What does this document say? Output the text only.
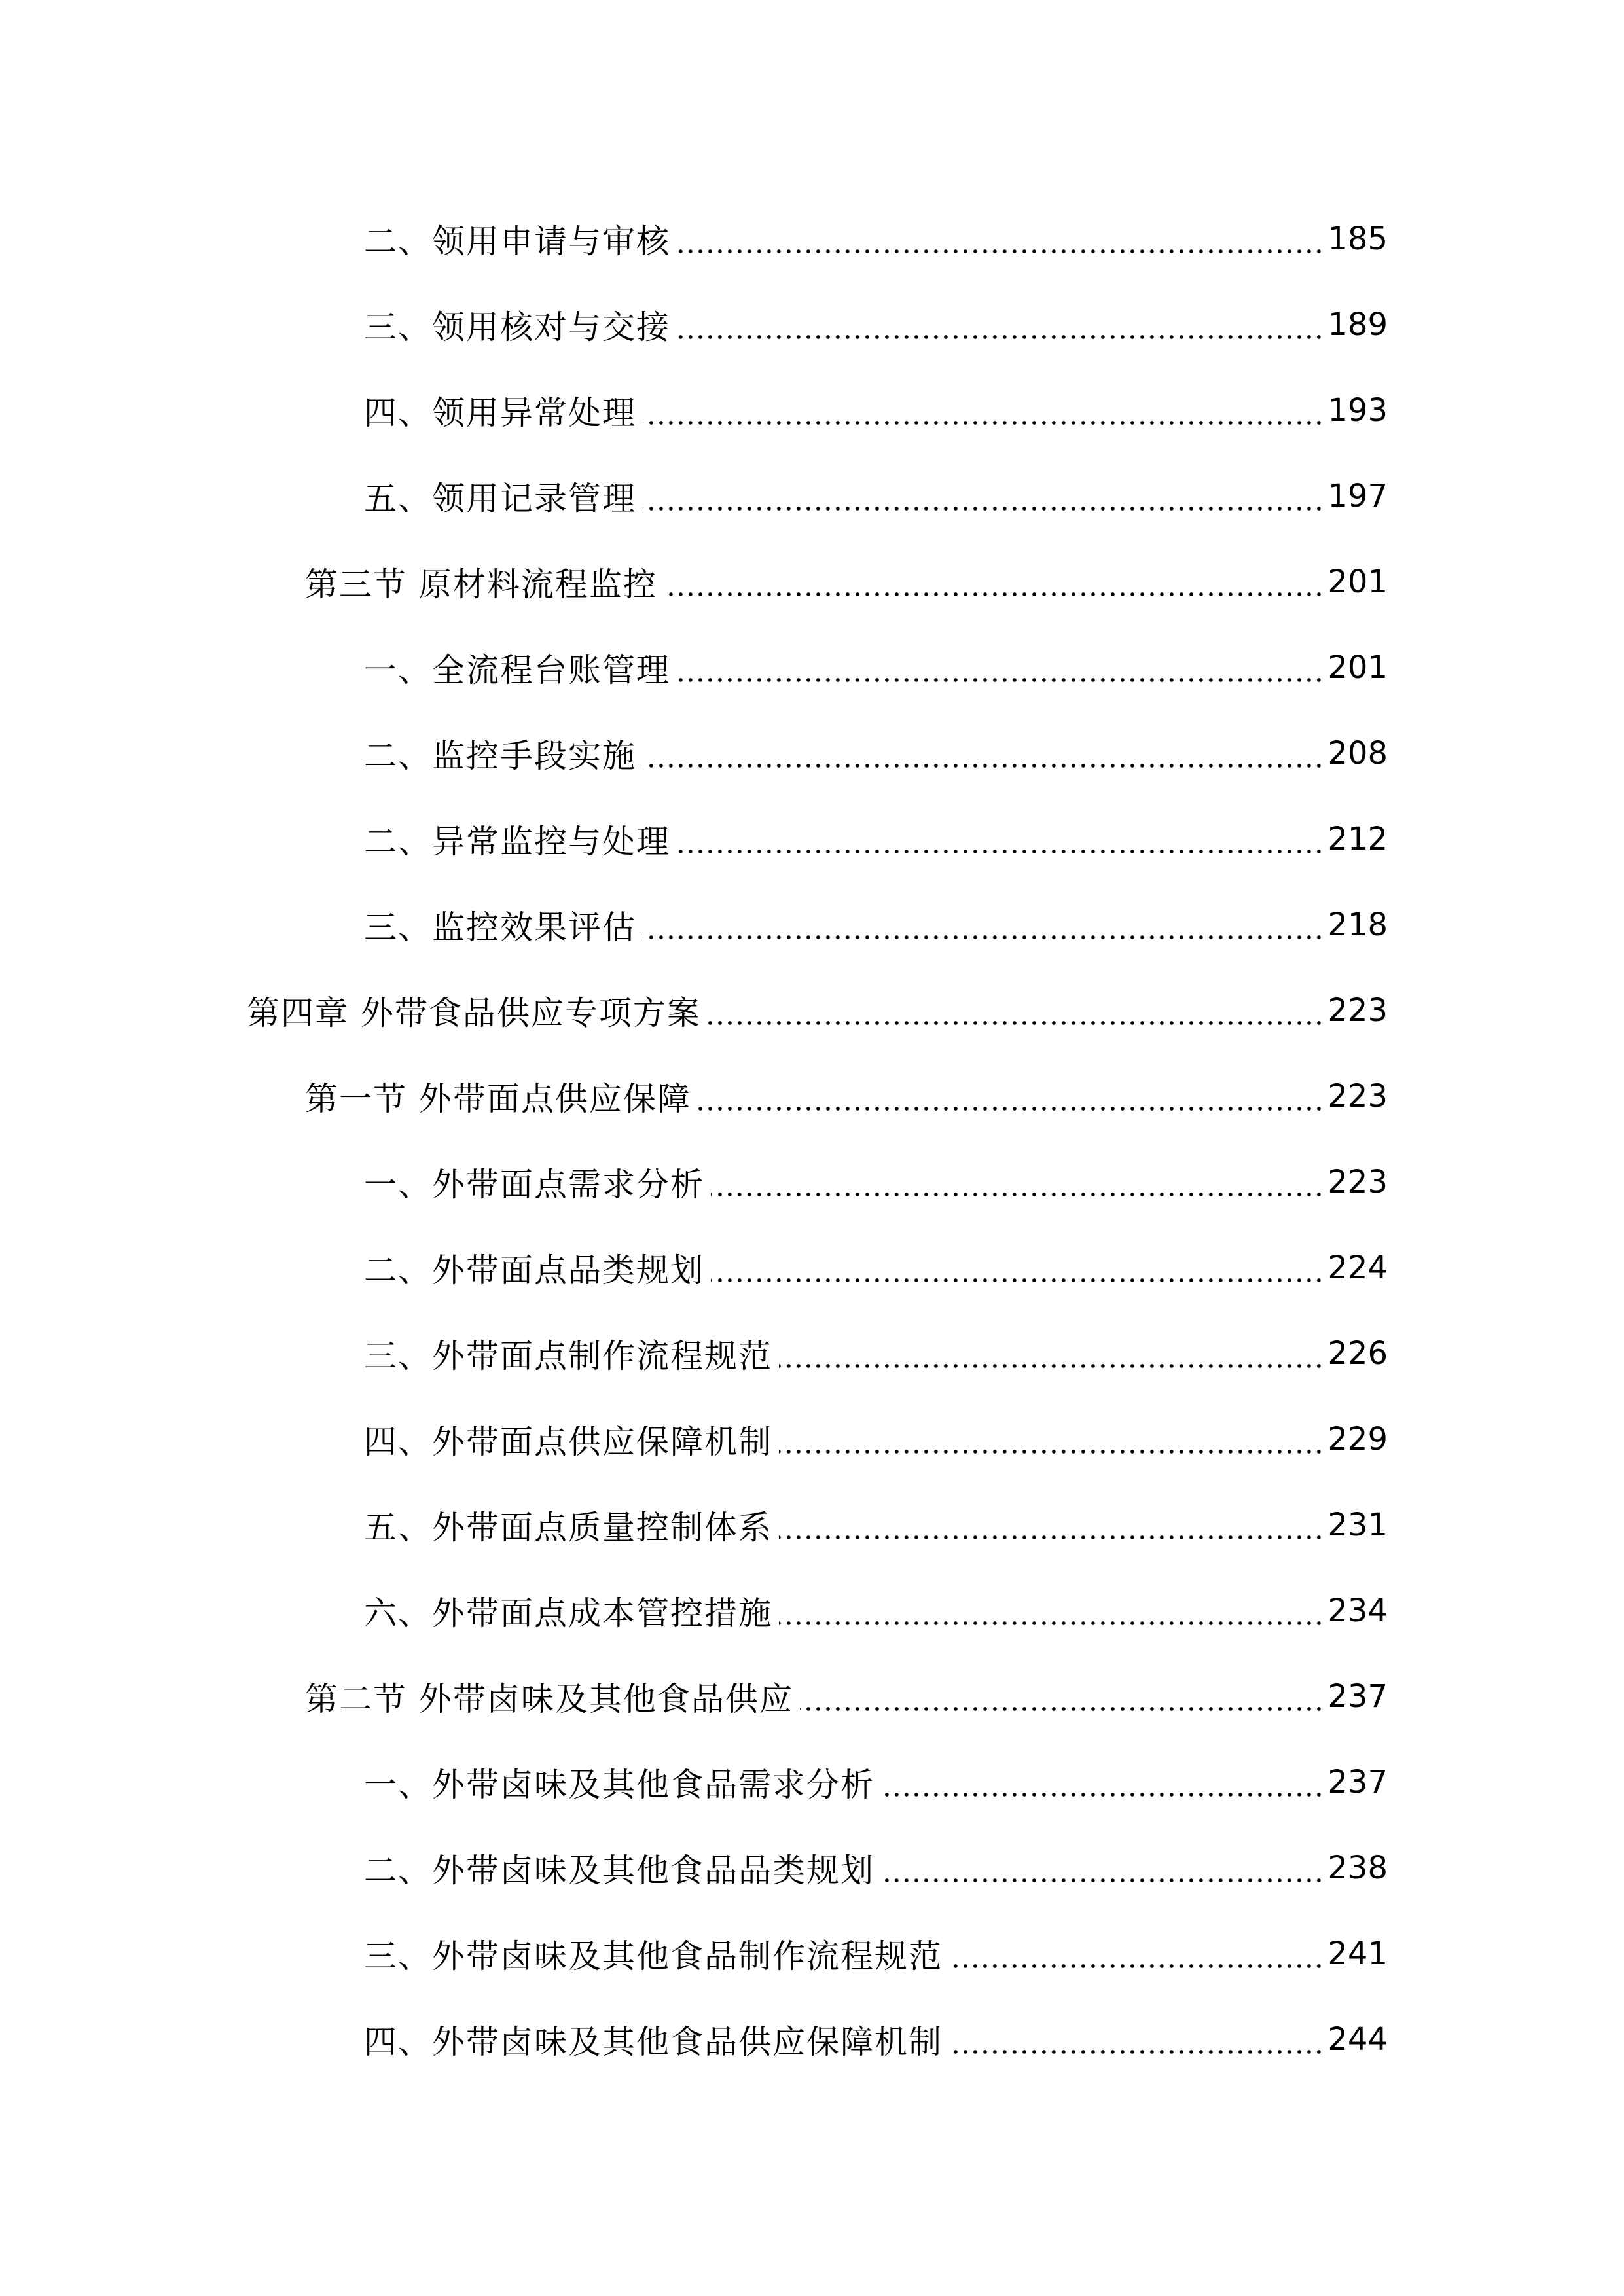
二、领用申请与审核	185
三、领用核对与交接	189
四、领用异常处理	193
五、领用记录管理	197
第三节 原材料流程监控	201
一、全流程台账管理	201
二、监控手段实施	208
二、异常监控与处理	212
三、监控效果评估	218
第四章 外带食品供应专项方案	223
第一节 外带面点供应保障	223
一、外带面点需求分析	223
二、外带面点品类规划	224
三、外带面点制作流程规范	226
四、外带面点供应保障机制	229
五、外带面点质量控制体系	231
六、外带面点成本管控措施	234
第二节 外带卤味及其他食品供应	237
一、外带卤味及其他食品需求分析	237
二、外带卤味及其他食品品类规划	238
三、外带卤味及其他食品制作流程规范	241
四、外带卤味及其他食品供应保障机制	244
